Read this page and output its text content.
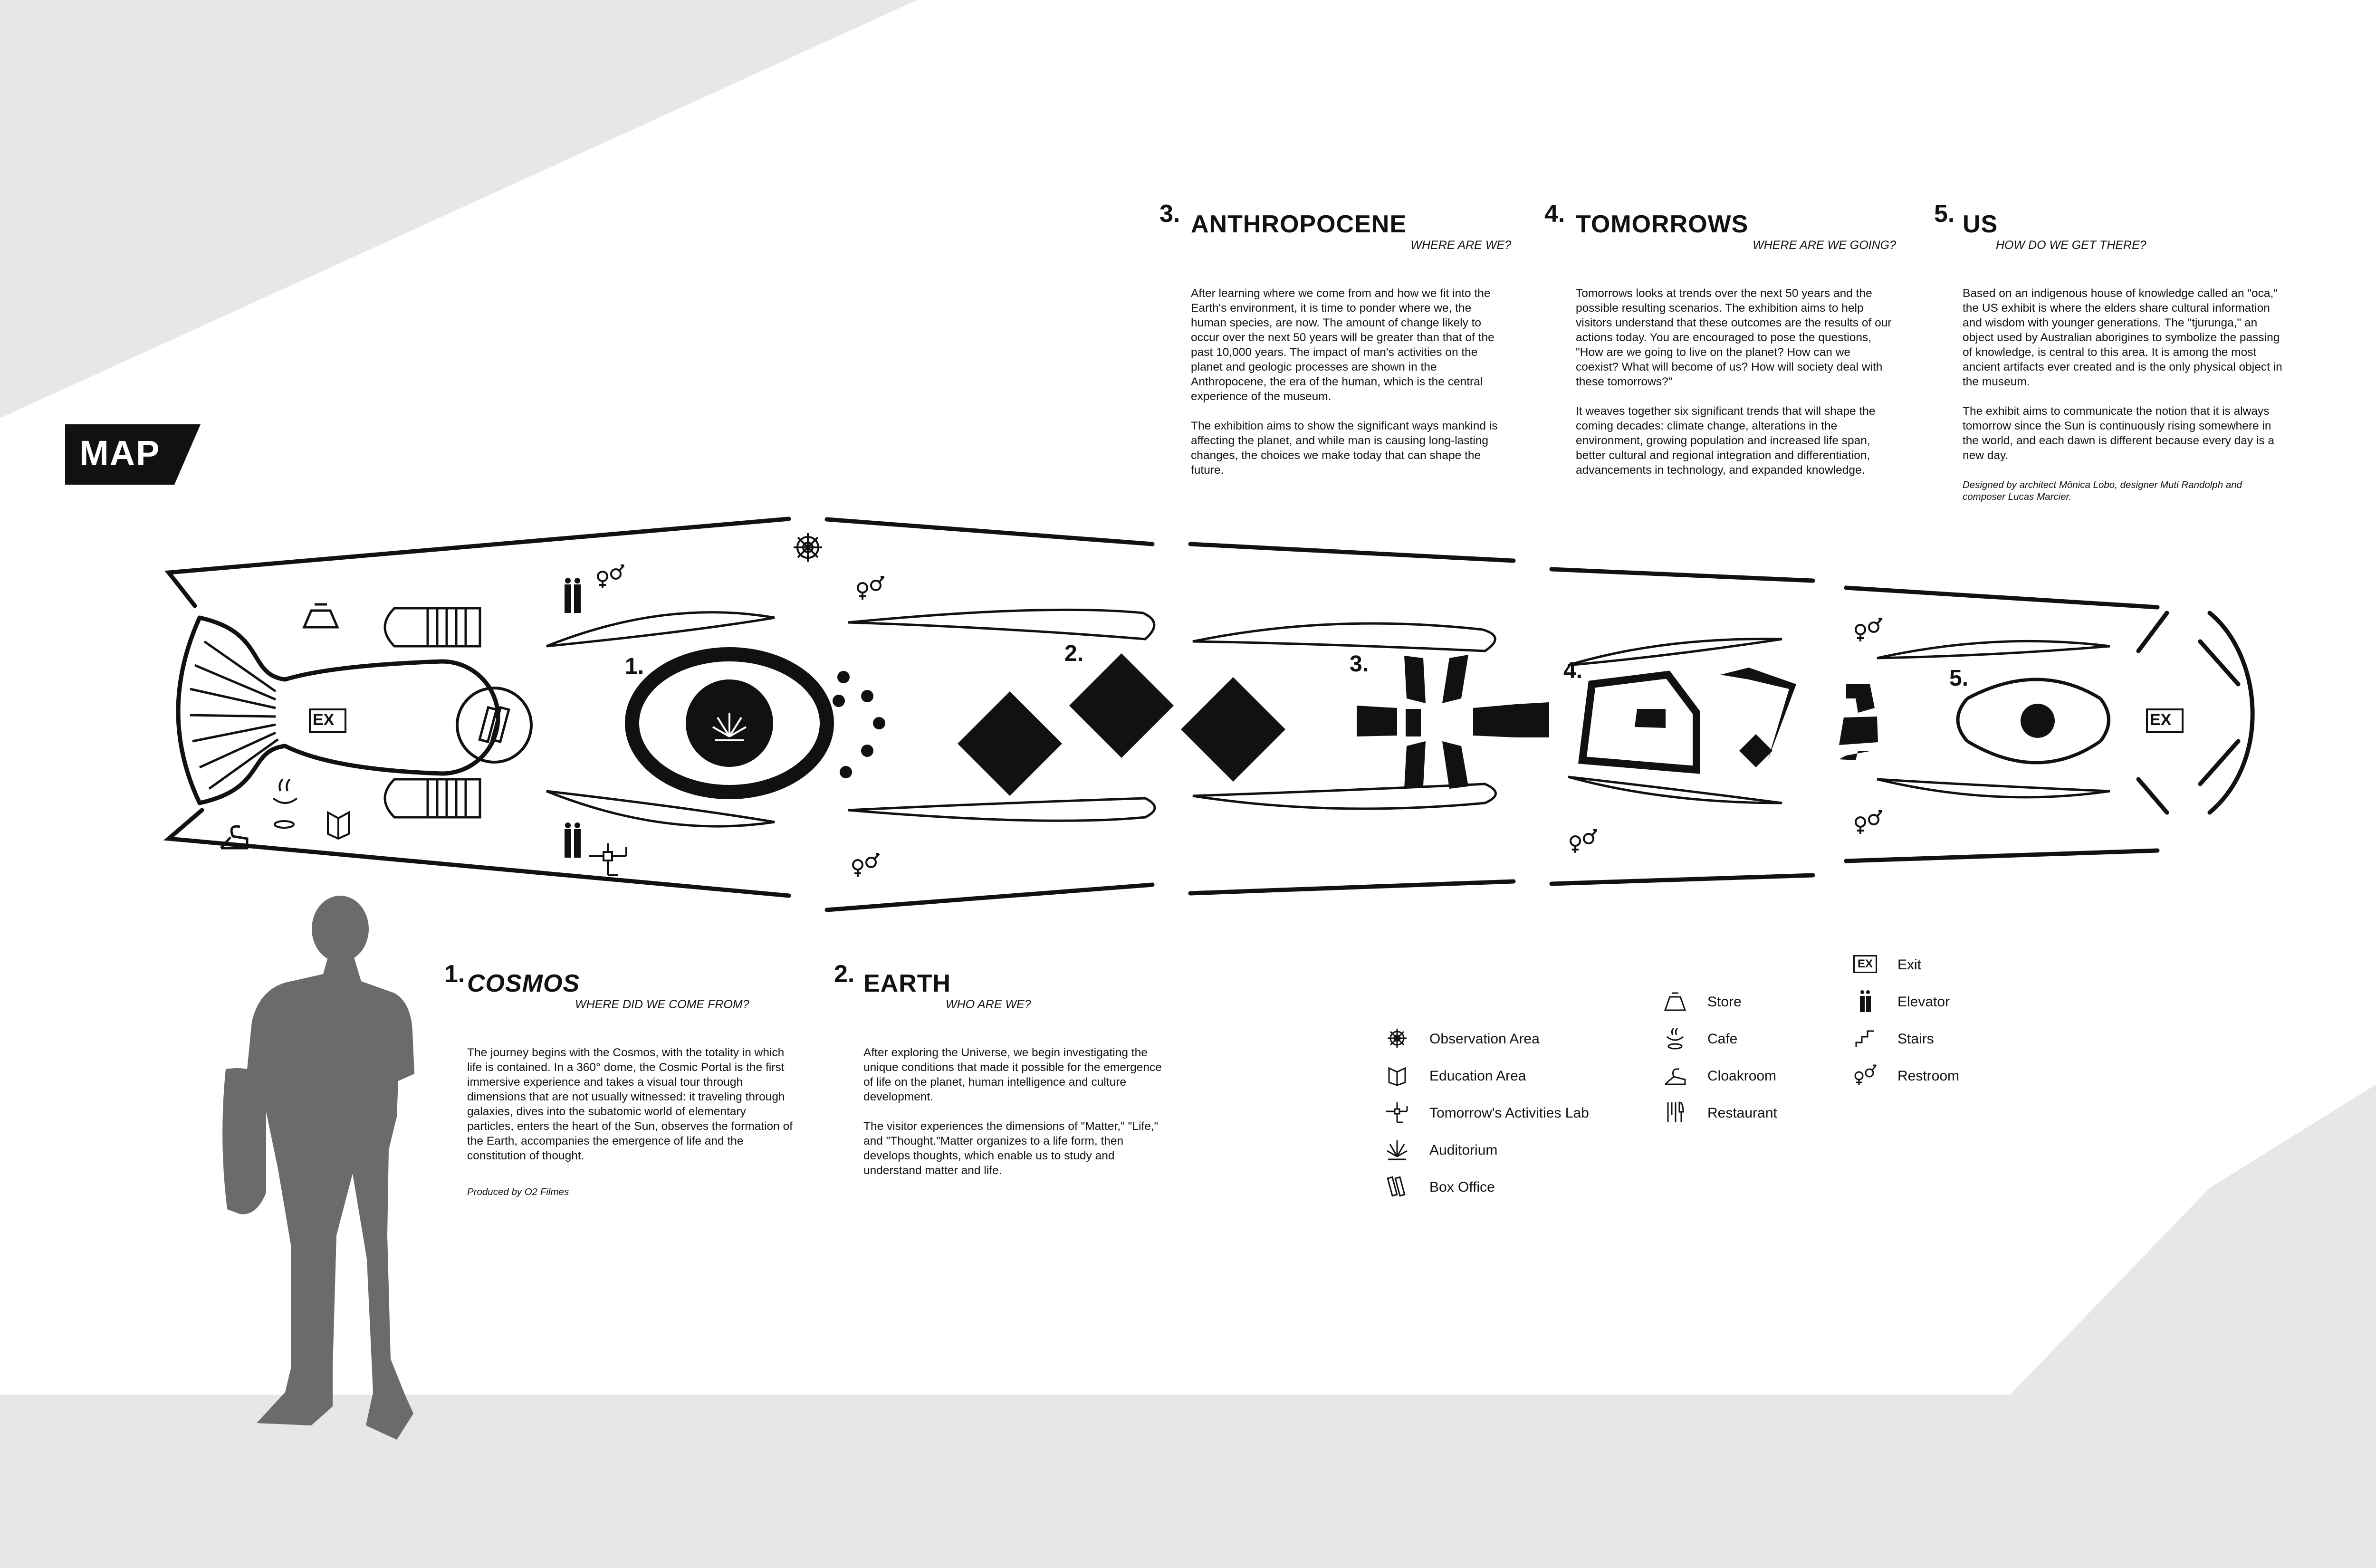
MAP
1.
2.	3.	4.	5.
EX	EX
3. ANTHROPOCENE
WHERE ARE WE?

After learning where we come from and how we fit into the Earth's environment, it is time to ponder where we, the human species, are now. The amount of change likely to occur over the next 50 years will be greater than that of the past 10,000 years. The impact of man's activities on the planet and geologic processes are shown in the Anthropocene, the era of the human, which is the central experience of the museum.

The exhibition aims to show the significant ways mankind is affecting the planet, and while man is causing long-lasting changes, the choices we make today that can shape the future.

4. TOMORROWS
WHERE ARE WE GOING?

Tomorrows looks at trends over the next 50 years and the possible resulting scenarios. The exhibition aims to help visitors understand that these outcomes are the results of our actions today. You are encouraged to pose the questions, "How are we going to live on the planet? How can we coexist? What will become of us? How will society deal with these tomorrows?"

It weaves together six significant trends that will shape the coming decades: climate change, alterations in the environment, growing population and increased life span, better cultural and regional integration and differentiation, advancements in technology, and expanded knowledge.

5. US
HOW DO WE GET THERE?

Based on an indigenous house of knowledge called an "oca," the US exhibit is where the elders share cultural information and wisdom with younger generations. The "tjurunga," an object used by Australian aborigines to symbolize the passing of knowledge, is central to this area. It is among the most ancient artifacts ever created and is the only physical object in the museum.

The exhibit aims to communicate the notion that it is always tomorrow since the Sun is continuously rising somewhere in the world, and each dawn is different because every day is a new day.

Designed by architect Mônica Lobo, designer Muti Randolph and composer Lucas Marcier.
1. COSMOS
WHERE DID WE COME FROM?

The journey begins with the Cosmos, with the totality in which life is contained. In a 360° dome, the Cosmic Portal is the first immersive experience and takes a visual tour through dimensions that are not usually witnessed: it traveling through galaxies, dives into the subatomic world of elementary particles, enters the heart of the Sun, observes the formation of the Earth, accompanies the emergence of life and the constitution of thought.

Produced by O2 Filmes
2. EARTH
WHO ARE WE?

After exploring the Universe, we begin investigating the unique conditions that made it possible for the emergence of life on the planet, human intelligence and culture development.

The visitor experiences the dimensions of "Matter," "Life," and "Thought."Matter organizes to a life form, then develops thoughts, which enable us to study and understand matter and life.

Observation Area
Education Area
Tomorrow's Activities Lab
Auditorium
Box Office
Store
Cafe
Cloakroom
Restaurant
EX	Exit
Elevator
Stairs
Restroom
